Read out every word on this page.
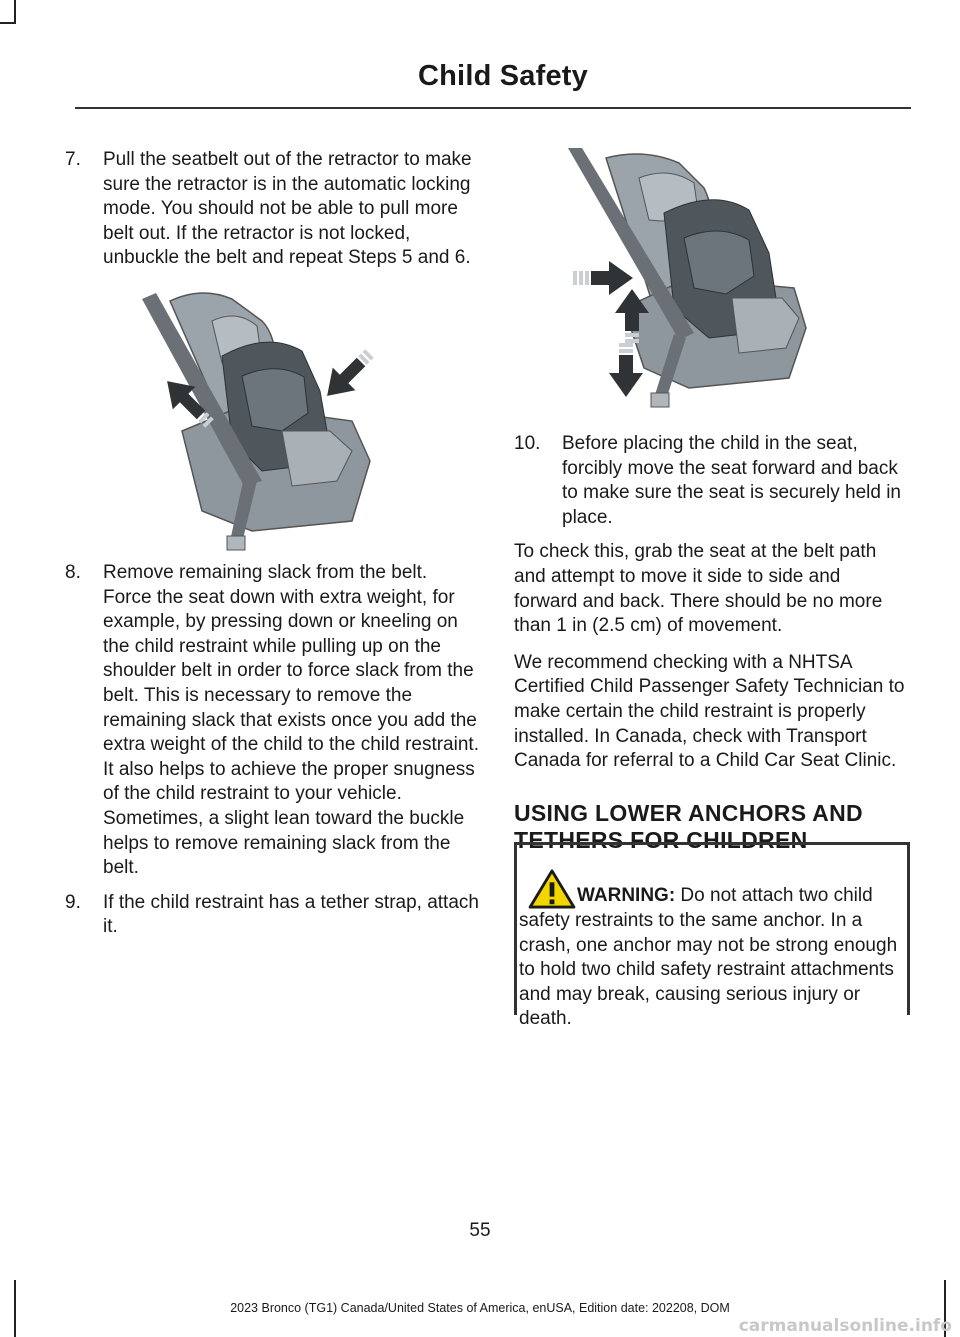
Child Safety
7.	Pull the seatbelt out of the retractor to make sure the retractor is in the automatic locking mode. You should not be able to pull more belt out. If the retractor is not locked, unbuckle the belt and repeat Steps 5 and 6.
8.	Remove remaining slack from the belt. Force the seat down with extra weight, for example, by pressing down or kneeling on the child restraint while pulling up on the shoulder belt in order to force slack from the belt. This is necessary to remove the remaining slack that exists once you add the extra weight of the child to the child restraint. It also helps to achieve the proper snugness of the child restraint to your vehicle. Sometimes, a slight lean toward the buckle helps to remove remaining slack from the belt.
9.	If the child restraint has a tether strap, attach it.
10.	Before placing the child in the seat, forcibly move the seat forward and back to make sure the seat is securely held in place.

To check this, grab the seat at the belt path and attempt to move it side to side and forward and back. There should be no more than 1 in (2.5 cm) of movement.

We recommend checking with a NHTSA Certified Child Passenger Safety Technician to make certain the child restraint is properly installed. In Canada, check with Transport Canada for referral to a Child Car Seat Clinic.

USING LOWER ANCHORS AND TETHERS FOR CHILDREN
WARNING: Do not attach two child safety restraints to the same anchor. In a crash, one anchor may not be strong enough to hold two child safety restraint attachments and may break, causing serious injury or death.
55
2023 Bronco (TG1) Canada/United States of America, enUSA, Edition date: 202208, DOM
carmanualsonline.info
